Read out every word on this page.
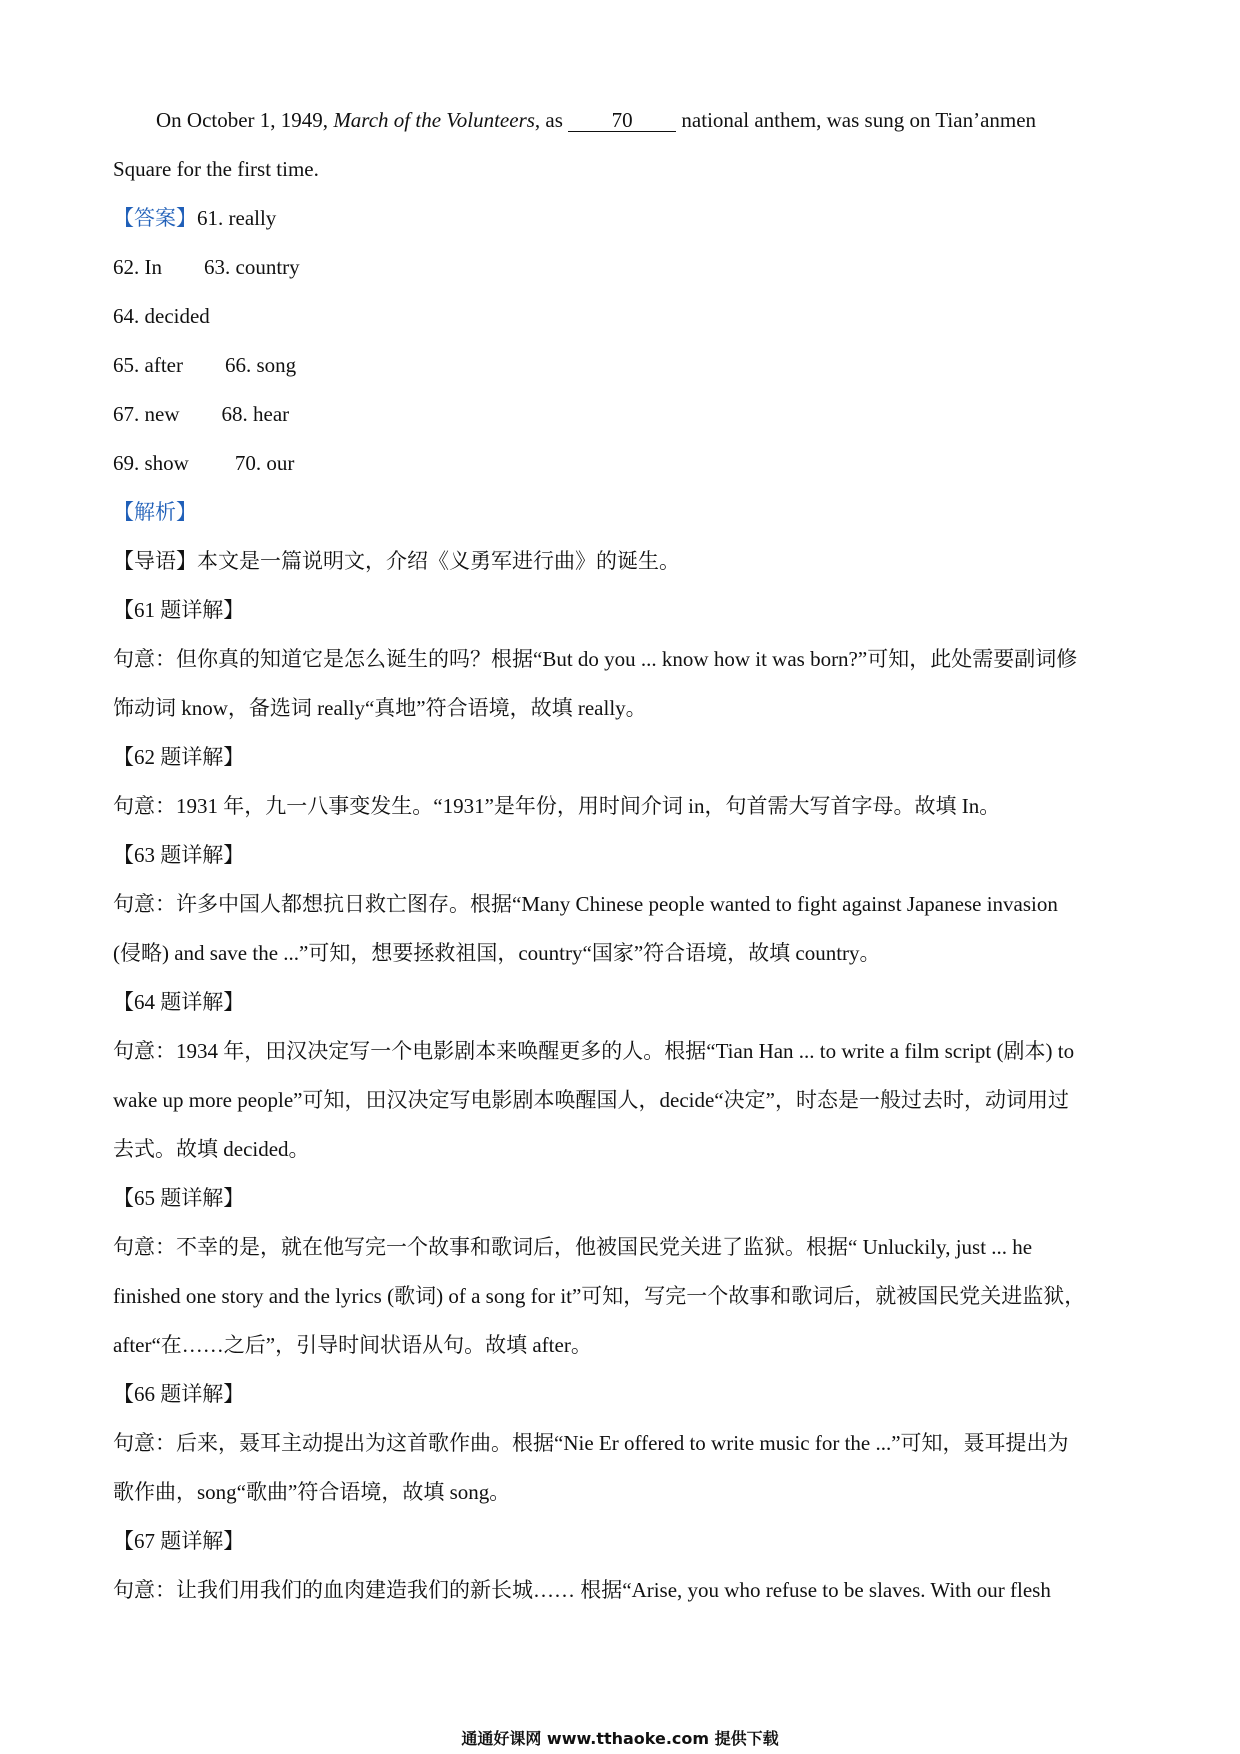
On October 1, 1949, March of the Volunteers, as 70 national anthem, was sung on Tian’anmen
Square for the first time.
【答案】61. really
62. In 63. country
64. decided
65. after 66. song
67. new 68. hear
69. show 70. our
【解析】
【导语】本文是一篇说明文，介绍《义勇军进行曲》的诞生。
【61 题详解】
句意：但你真的知道它是怎么诞生的吗？根据“But do you ... know how it was born?”可知，此处需要副词修
饰动词 know，备选词 really“真地”符合语境，故填 really。
【62 题详解】
句意：1931 年，九一八事变发生。“1931”是年份，用时间介词 in，句首需大写首字母。故填 In。
【63 题详解】
句意：许多中国人都想抗日救亡图存。根据“Many Chinese people wanted to fight against Japanese invasion
(侵略) and save the ...”可知，想要拯救祖国，country“国家”符合语境，故填 country。
【64 题详解】
句意：1934 年，田汉决定写一个电影剧本来唤醒更多的人。根据“Tian Han ... to write a film script (剧本) to
wake up more people”可知，田汉决定写电影剧本唤醒国人，decide“决定”，时态是一般过去时，动词用过
去式。故填 decided。
【65 题详解】
句意：不幸的是，就在他写完一个故事和歌词后，他被国民党关进了监狱。根据“ Unluckily, just ... he
finished one story and the lyrics (歌词) of a song for it”可知，写完一个故事和歌词后，就被国民党关进监狱，
after“在……之后”，引导时间状语从句。故填 after。
【66 题详解】
句意：后来，聂耳主动提出为这首歌作曲。根据“Nie Er offered to write music for the ...”可知，聂耳提出为
歌作曲，song“歌曲”符合语境，故填 song。
【67 题详解】
句意：让我们用我们的血肉建造我们的新长城…… 根据“Arise, you who refuse to be slaves. With our flesh
通通好课网 www.tthaoke.com 提供下载
